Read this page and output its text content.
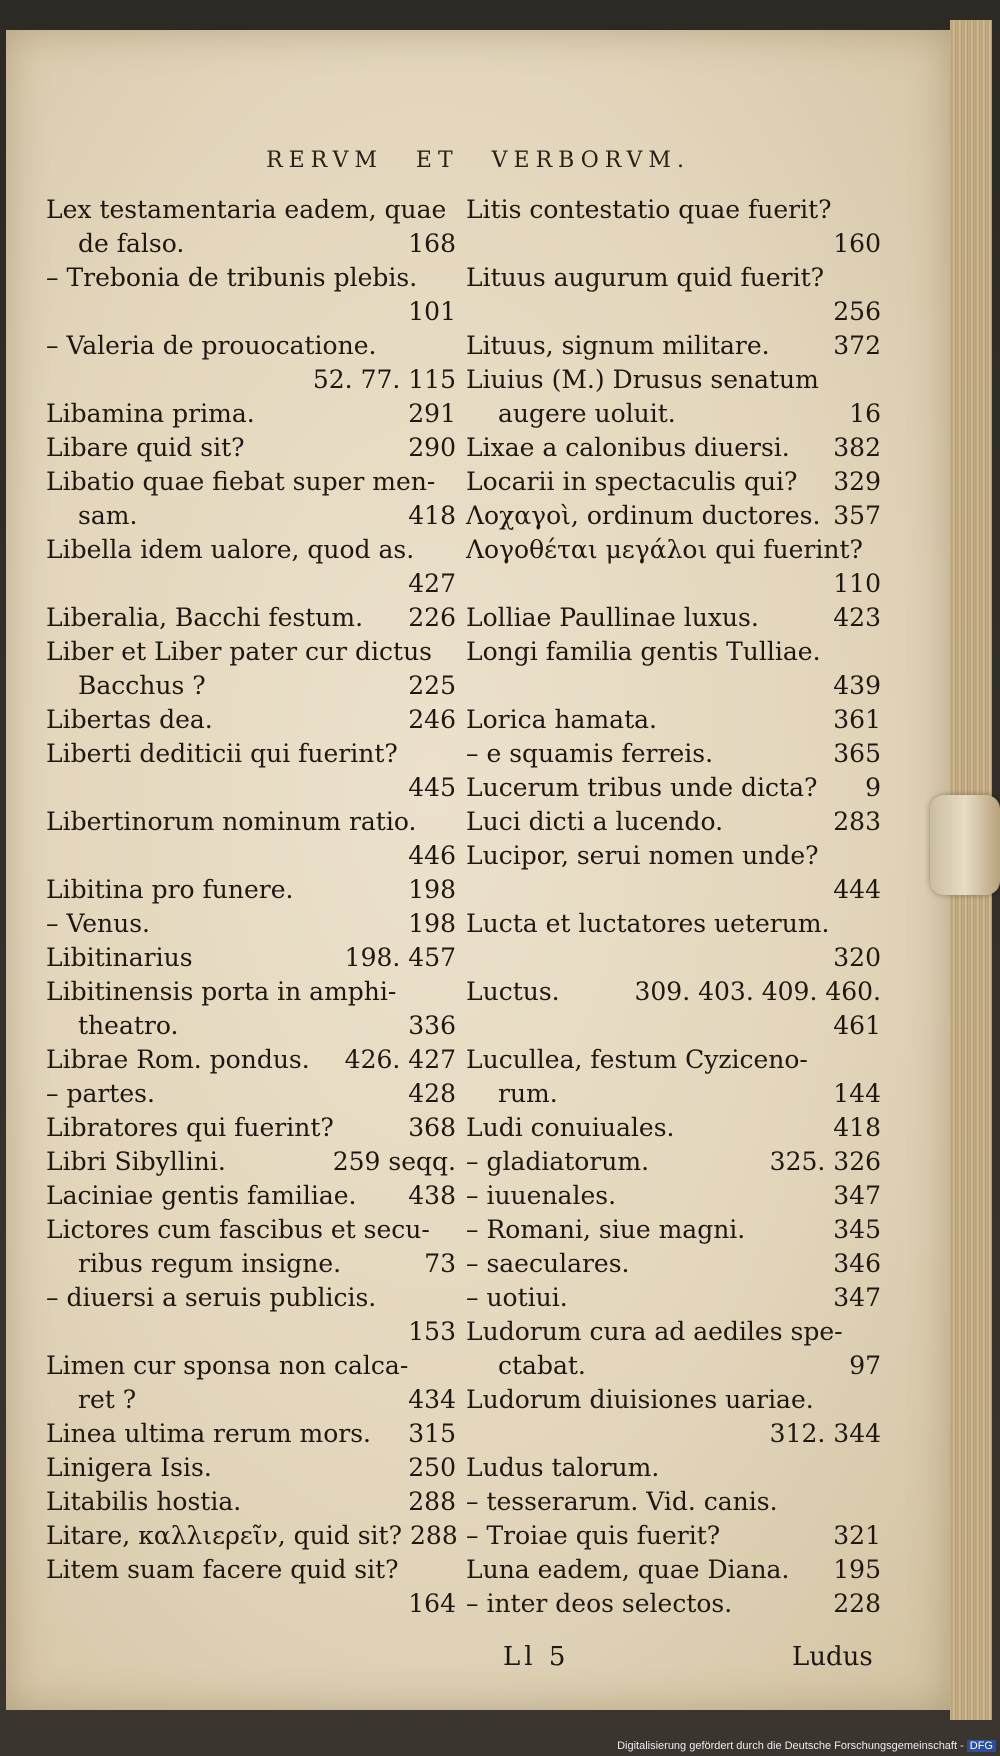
RERVM ET VERBORVM.
Lex testamentaria eadem, quae
de falso.	168
– Trebonia de tribunis plebis.
101
– Valeria de prouocatione.
52. 77. 115
Libamina prima.	291
Libare quid sit?	290
Libatio quae fiebat super men-
sam.	418
Libella idem ualore, quod as.
427
Liberalia, Bacchi festum.	226
Liber et Liber pater cur dictus
Bacchus ?	225
Libertas dea.	246
Liberti dediticii qui fuerint?
445
Libertinorum nominum ratio.
446
Libitina pro funere.	198
– Venus.	198
Libitinarius	198. 457
Libitinensis porta in amphi-
theatro.	336
Librae Rom. pondus.	426. 427
– partes.	428
Libratores qui fuerint?	368
Libri Sibyllini.	259 seqq.
Laciniae gentis familiae.	438
Lictores cum fascibus et secu-
ribus regum insigne.	73
– diuersi a seruis publicis.
153
Limen cur sponsa non calca-
ret ?	434
Linea ultima rerum mors.	315
Linigera Isis.	250
Litabilis hostia.	288
Litare, καλλιερεῖν, quid sit? 288
Litem suam facere quid sit?
164
Litis contestatio quae fuerit?
160
Lituus augurum quid fuerit?
256
Lituus, signum militare.	372
Liuius (M.) Drusus senatum
augere uoluit.	16
Lixae a calonibus diuersi.	382
Locarii in spectaculis qui?	329
Λοχαγοὶ, ordinum ductores. 357
Λογοθέται μεγάλοι qui fuerint?
110
Lolliae Paullinae luxus.	423
Longi familia gentis Tulliae.
439
Lorica hamata.	361
– e squamis ferreis.	365
Lucerum tribus unde dicta?	9
Luci dicti a lucendo.	283
Lucipor, serui nomen unde?
444
Lucta et luctatores ueterum.
320
Luctus.	309. 403. 409. 460.
461
Lucullea, festum Cyziceno-
rum.	144
Ludi conuiuales.	418
– gladiatorum.	325. 326
– iuuenales.	347
– Romani, siue magni.	345
– saeculares.	346
– uotiui.	347
Ludorum cura ad aediles spe-
ctabat.	97
Ludorum diuisiones uariae.
312. 344
Ludus talorum.
– tesserarum. Vid. canis.
– Troiae quis fuerit?	321
Luna eadem, quae Diana.	195
– inter deos selectos.	228
Ll 5	Ludus
Digitalisierung gefördert durch die Deutsche Forschungsgemeinschaft - DFG
